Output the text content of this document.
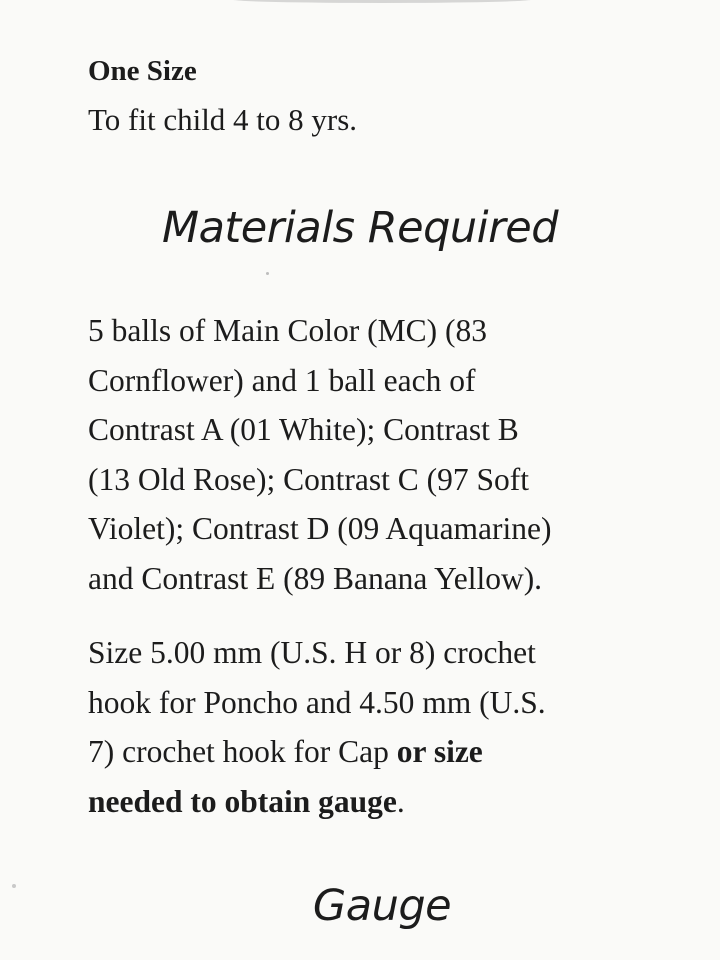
One Size
To fit child 4 to 8 yrs.
Materials Required

5 balls of Main Color (MC) (83
Cornflower) and 1 ball each of
Contrast A (01 White); Contrast B
(13 Old Rose); Contrast C (97 Soft
Violet); Contrast D (09 Aquamarine)
and Contrast E (89 Banana Yellow).

Size 5.00 mm (U.S. H or 8) crochet
hook for Poncho and 4.50 mm (U.S.
7) crochet hook for Cap or size
needed to obtain gauge.

Gauge
